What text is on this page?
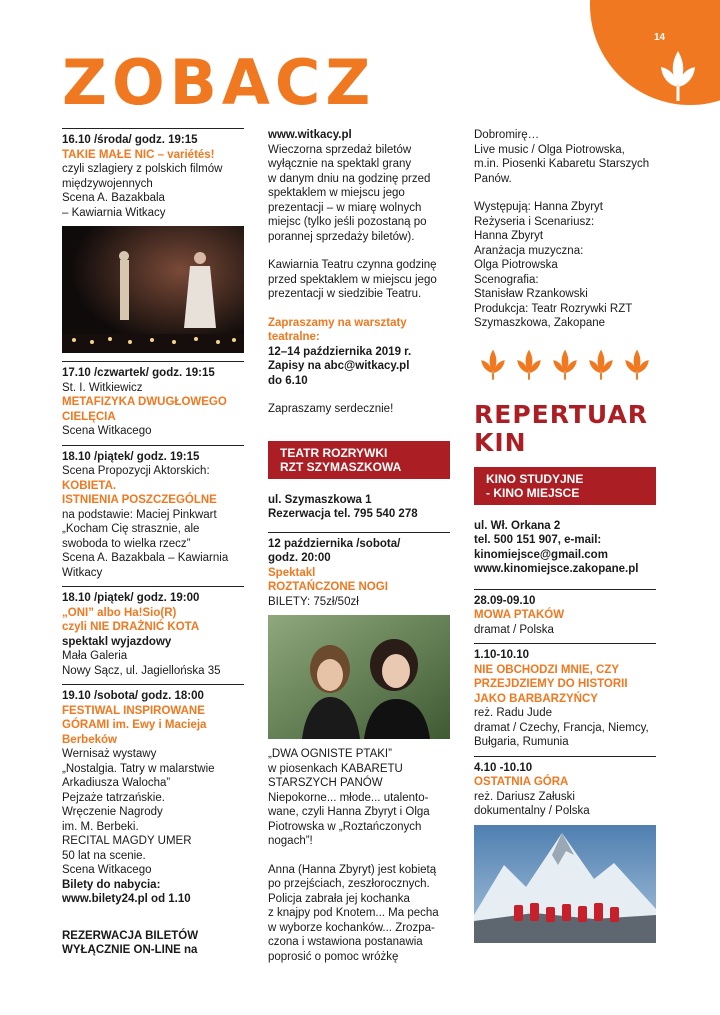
14
ZOBACZ
16.10 /środa/ godz. 19:15
TAKIE MAŁE NIC – variétés!
czyli szlagiery z polskich filmów
międzywojennych
Scena A. Bazakbala
– Kawiarnia Witkacy
17.10 /czwartek/ godz. 19:15
St. I. Witkiewicz
METAFIZYKA DWUGŁOWEGO
CIELĘCIA
Scena Witkacego
18.10 /piątek/ godz. 19:15
Scena Propozycji Aktorskich:
KOBIETA.
ISTNIENIA POSZCZEGÓLNE
na podstawie: Maciej Pinkwart
„Kocham Cię strasznie, ale
swoboda to wielka rzecz”
Scena A. Bazakbala – Kawiarnia
Witkacy
18.10 /piątek/ godz. 19:00
„ONI” albo Ha!Sio(R)
czyli NIE DRAŻNIĆ KOTA
spektakl wyjazdowy
Mała Galeria
Nowy Sącz, ul. Jagiellońska 35
19.10 /sobota/ godz. 18:00
FESTIWAL INSPIROWANE
GÓRAMI im. Ewy i Macieja
Berbeków
Wernisaż wystawy
„Nostalgia. Tatry w malarstwie
Arkadiusza Walocha”
Pejzaże tatrzańskie.
Wręczenie Nagrody
im. M. Berbeki.
RECITAL MAGDY UMER
50 lat na scenie.
Scena Witkacego
Bilety do nabycia:
www.bilety24.pl od 1.10
REZERWACJA BILETÓW
WYŁĄCZNIE ON-LINE na
www.witkacy.pl
Wieczorna sprzedaż biletów
wyłącznie na spektakl grany
w danym dniu na godzinę przed
spektaklem w miejscu jego
prezentacji – w miarę wolnych
miejsc (tylko jeśli pozostaną po
porannej sprzedaży biletów).
Kawiarnia Teatru czynna godzinę
przed spektaklem w miejscu jego
prezentacji w siedzibie Teatru.
Zapraszamy na warsztaty
teatralne:
12–14 października 2019 r.
Zapisy na abc@witkacy.pl
do 6.10
Zapraszamy serdecznie!
TEATR ROZRYWKI
RZT SZYMASZKOWA
ul. Szymaszkowa 1
Rezerwacja tel. 795 540 278
12 października /sobota/
godz. 20:00
Spektakl
ROZTAŃCZONE NOGI
BILETY: 75zł/50zł
„DWA OGNISTE PTAKI”
w piosenkach KABARETU
STARSZYCH PANÓW
Niepokorne... młode... utalento-
wane, czyli Hanna Zbyryt i Olga
Piotrowska w „Roztańczonych
nogach”!
Anna (Hanna Zbyryt) jest kobietą
po przejściach, zeszłorocznych.
Policja zabrała jej kochanka
z knajpy pod Knotem... Ma pecha
w wyborze kochanków... Zrozpa-
czona i wstawiona postanawia
poprosić o pomoc wróżkę
Dobromirę…
Live music / Olga Piotrowska,
m.in. Piosenki Kabaretu Starszych
Panów.
Występują: Hanna Zbyryt
Reżyseria i Scenariusz:
Hanna Zbyryt
Aranżacja muzyczna:
Olga Piotrowska
Scenografia:
Stanisław Rzankowski
Produkcja: Teatr Rozrywki RZT
Szymaszkowa, Zakopane
REPERTUAR
KIN
KINO STUDYJNE
- KINO MIEJSCE
ul. Wł. Orkana 2
tel. 500 151 907, e-mail:
kinomiejsce@gmail.com
www.kinomiejsce.zakopane.pl
28.09-09.10
MOWA PTAKÓW
dramat / Polska
1.10-10.10
NIE OBCHODZI MNIE, CZY
PRZEJDZIEMY DO HISTORII
JAKO BARBARZYŃCY
reż. Radu Jude
dramat / Czechy, Francja, Niemcy,
Bułgaria, Rumunia
4.10 -10.10
OSTATNIA GÓRA
reż. Dariusz Załuski
dokumentalny / Polska
